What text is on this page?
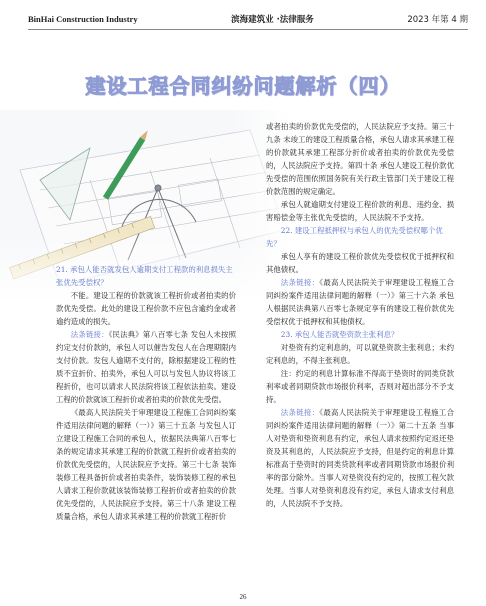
BinHai Construction Industry	滨海建筑业 ·法律服务	2023 年第 4 期
建设工程合同纠纷问题解析（四）

21. 承包人能否就发包人逾期支付工程款的利息损失主张优先受偿权？

不能。建设工程的价款就该工程折价或者拍卖的价款优先受偿。此处的建设工程价款不应包含逾约金或者逾约造成的损失。

法条链接：《民法典》第八百零七条 发包人未按照约定支付价款的，承包人可以催告发包人在合理期限内支付价款。发包人逾期不支付的，除根据建设工程的性质不宜折价、拍卖外，承包人可以与发包人协议将该工程折价，也可以请求人民法院将该工程依法拍卖。建设工程的价款就该工程折价或者拍卖的价款优先受偿。

《最高人民法院关于审理建设工程施工合同纠纷案件适用法律问题的解释（一）》第三十五条 与发包人订立建设工程施工合同的承包人，依据民法典第八百零七条的规定请求其承建工程的价款就工程折价或者拍卖的价款优先受偿的，人民法院应予支持。第三十七条 装饰装修工程具备折价或者拍卖条件，装饰装修工程的承包人请求工程价款就该装饰装修工程折价或者拍卖的价款优先受偿的，人民法院应予支持。第三十八条 建设工程质量合格，承包人请求其承建工程的价款就工程折价

或者拍卖的价款优先受偿的，人民法院应予支持。第三十九条 未竣工的建设工程质量合格，承包人请求其承建工程的价款就其承建工程部分折价或者拍卖的价款优先受偿的，人民法院应予支持。第四十条 承包人建设工程价款优先受偿的范围依照国务院有关行政主管部门关于建设工程价款范围的规定确定。

承包人就逾期支付建设工程价款的利息、违约金、损害赔偿金等主张优先受偿的，人民法院不予支持。

22. 建设工程抵押权与承包人的优先受偿权哪个优先？

承包人享有的建设工程价款优先受偿权优于抵押权和其他债权。

法条链接：《最高人民法院关于审理建设工程施工合同纠纷案件适用法律问题的解释（一）》第三十六条 承包人根据民法典第八百零七条规定享有的建设工程价款优先受偿权优于抵押权和其他债权。

23. 承包人能否就垫资款主张利息？

对垫资有约定利息的，可以就垫资款主张利息；未约定利息的，不得主张利息。

注：约定的利息计算标准不得高于垫资时的同类贷款利率或者同期贷款市场报价利率，否则对超出部分不予支持。

法条链接：《最高人民法院关于审理建设工程施工合同纠纷案件适用法律问题的解释（一）》第二十五条 当事人对垫资和垫资利息有约定，承包人请求按照约定返还垫资及其利息的，人民法院应予支持，但是约定的利息计算标准高于垫资时的同类贷款利率或者同期贷款市场报价利率的部分除外。当事人对垫资没有约定的，按照工程欠款处理。当事人对垫资利息没有约定，承包人请求支付利息的，人民法院不予支持。

26
